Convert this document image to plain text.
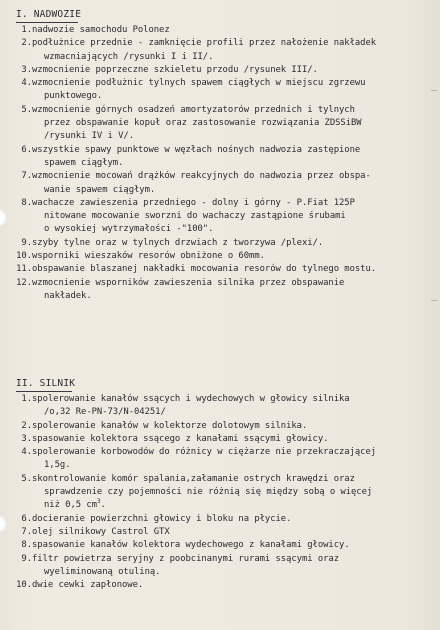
I. NADWOZIE

1. nadwozie samochodu Polonez
2. podłużnice przednie - zamknięcie profili przez nałożenie nakładek
wzmacniających /rysunki I i II/.
3. wzmocnienie poprzeczne szkieletu przodu /rysunek III/.
4. wzmocnienie podłużnic tylnych spawem ciągłych w miejscu zgrzewu
punktowego.
5. wzmocnienie górnych osadzeń amortyzatorów przednich i tylnych
przez obspawanie kopuł oraz zastosowanie rozwiązania ZDSSiBW
/rysunki IV i V/.
6. wszystkie spawy punktowe w węzłach nośnych nadwozia zastępione
spawem ciągłym.
7. wzmocnienie mocowań drążków reakcyjnych do nadwozia przez obspa-
wanie spawem ciągłym.
8. wachacze zawieszenia przedniego - dolny i górny - P.Fiat 125P
nitowane mocowanie sworzni do wachaczy zastąpione śrubami
o wysokiej wytrzymałości -"100".
9. szyby tylne oraz w tylnych drzwiach z tworzywa /plexi/.
10. wsporniki wieszaków resorów obniżone o 60mm.
11. obspawanie blaszanej nakładki mocowania resorów do tylnego mostu.
12. wzmocnienie wsporników zawieszenia silnika przez obspawanie
nakładek.

II. SILNIK

1. spolerowanie kanałów ssących i wydechowych w głowicy silnika
/o,32 Re-PN-73/N-04251/
2. spolerowanie kanałów w kolektorze dolotowym silnika.
3. spasowanie kolektora ssącego z kanałami ssącymi głowicy.
4. spolerowanie korbowodów do różnicy w ciężarze nie przekraczającej
1,5g.
5. skontrolowanie komór spalania,załamanie ostrych krawędzi oraz
sprawdzenie czy pojemności nie różnią się między sobą o więcej
niż 0,5 $cm^3$.
6. docieranie powierzchni głowicy i bloku na płycie.
7. olej silnikowy Castrol GTX
8. spasowanie kanałów kolektora wydechowego z kanałami głowicy.
9. filtr powietrza seryjny z poobcinanymi rurami ssącymi oraz
wyeliminowaną otuliną.
10. dwie cewki zapłonowe.
